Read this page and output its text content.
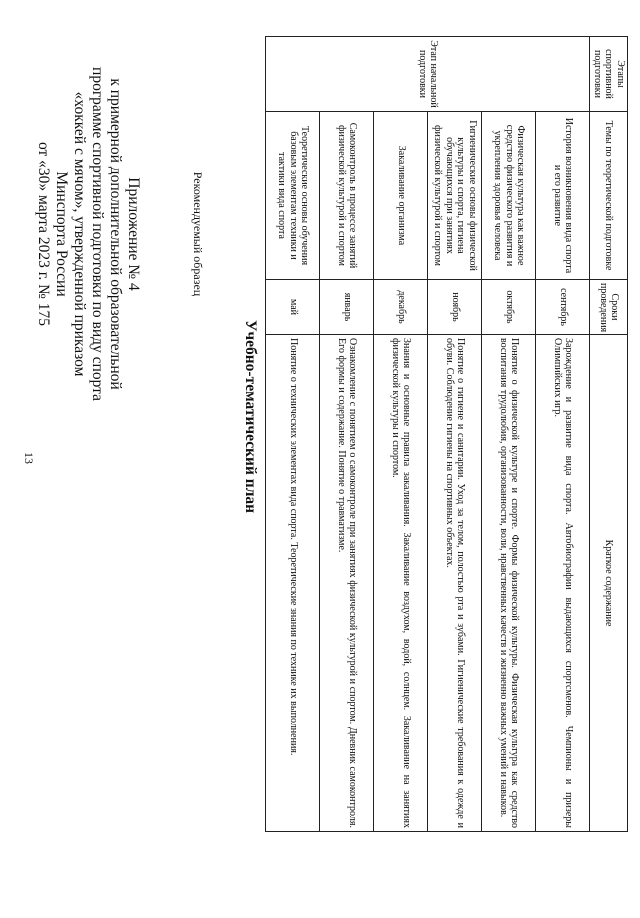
13
Приложение № 4
к примерной дополнительной образовательной
программе спортивной подготовки по виду спорта
«хоккей с мячом», утвержденной приказом
Минспорта России
от «30» марта 2023 г. № 175	Рекомендуемый образец
Учебно-тематический план
Этапы спортивной подготовки	Темы по теоретической подготовке	Сроки проведения	Краткое содержание
Этап начальной подготовки	История возникновения вида спорта и его развитие	сентябрь	Зарождение и развитие вида спорта. Автобиографии выдающихся спортсменов. Чемпионы и призеры Олимпийских игр.
	Физическая культура как важное средство физического развития и укрепления здоровья человека	октябрь	Понятие о физической культуре и спорте. Формы физической культуры. Физическая культура как средство воспитания трудолюбия, организованности, воли, нравственных качеств и жизненно важных умений и навыков.
	Гигиенические основы физической культуры и спорта, гигиена обучающихся при занятиях физической культурой и спортом	ноябрь	Понятие о гигиене и санитарии. Уход за телом, полостью рта и зубами. Гигиенические требования к одежде и обуви. Соблюдение гигиены на спортивных объектах.
	Закаливание организма	декабрь	Знания и основные правила закаливания. Закаливание воздухом, водой, солнцем. Закаливание на занятиях физической культуры и спортом.
	Самоконтроль в процессе занятий физической культурой и спортом	январь	Ознакомление с понятием о самоконтроле при занятиях физической культурой и спортом. Дневник самоконтроля. Его формы и содержание. Понятие о травматизме.
	Теоретические основы обучения базовым элементам техники и тактики вида спорта	май	Понятие о технических элементах вида спорта. Теоретические знания по технике их выполнения.
